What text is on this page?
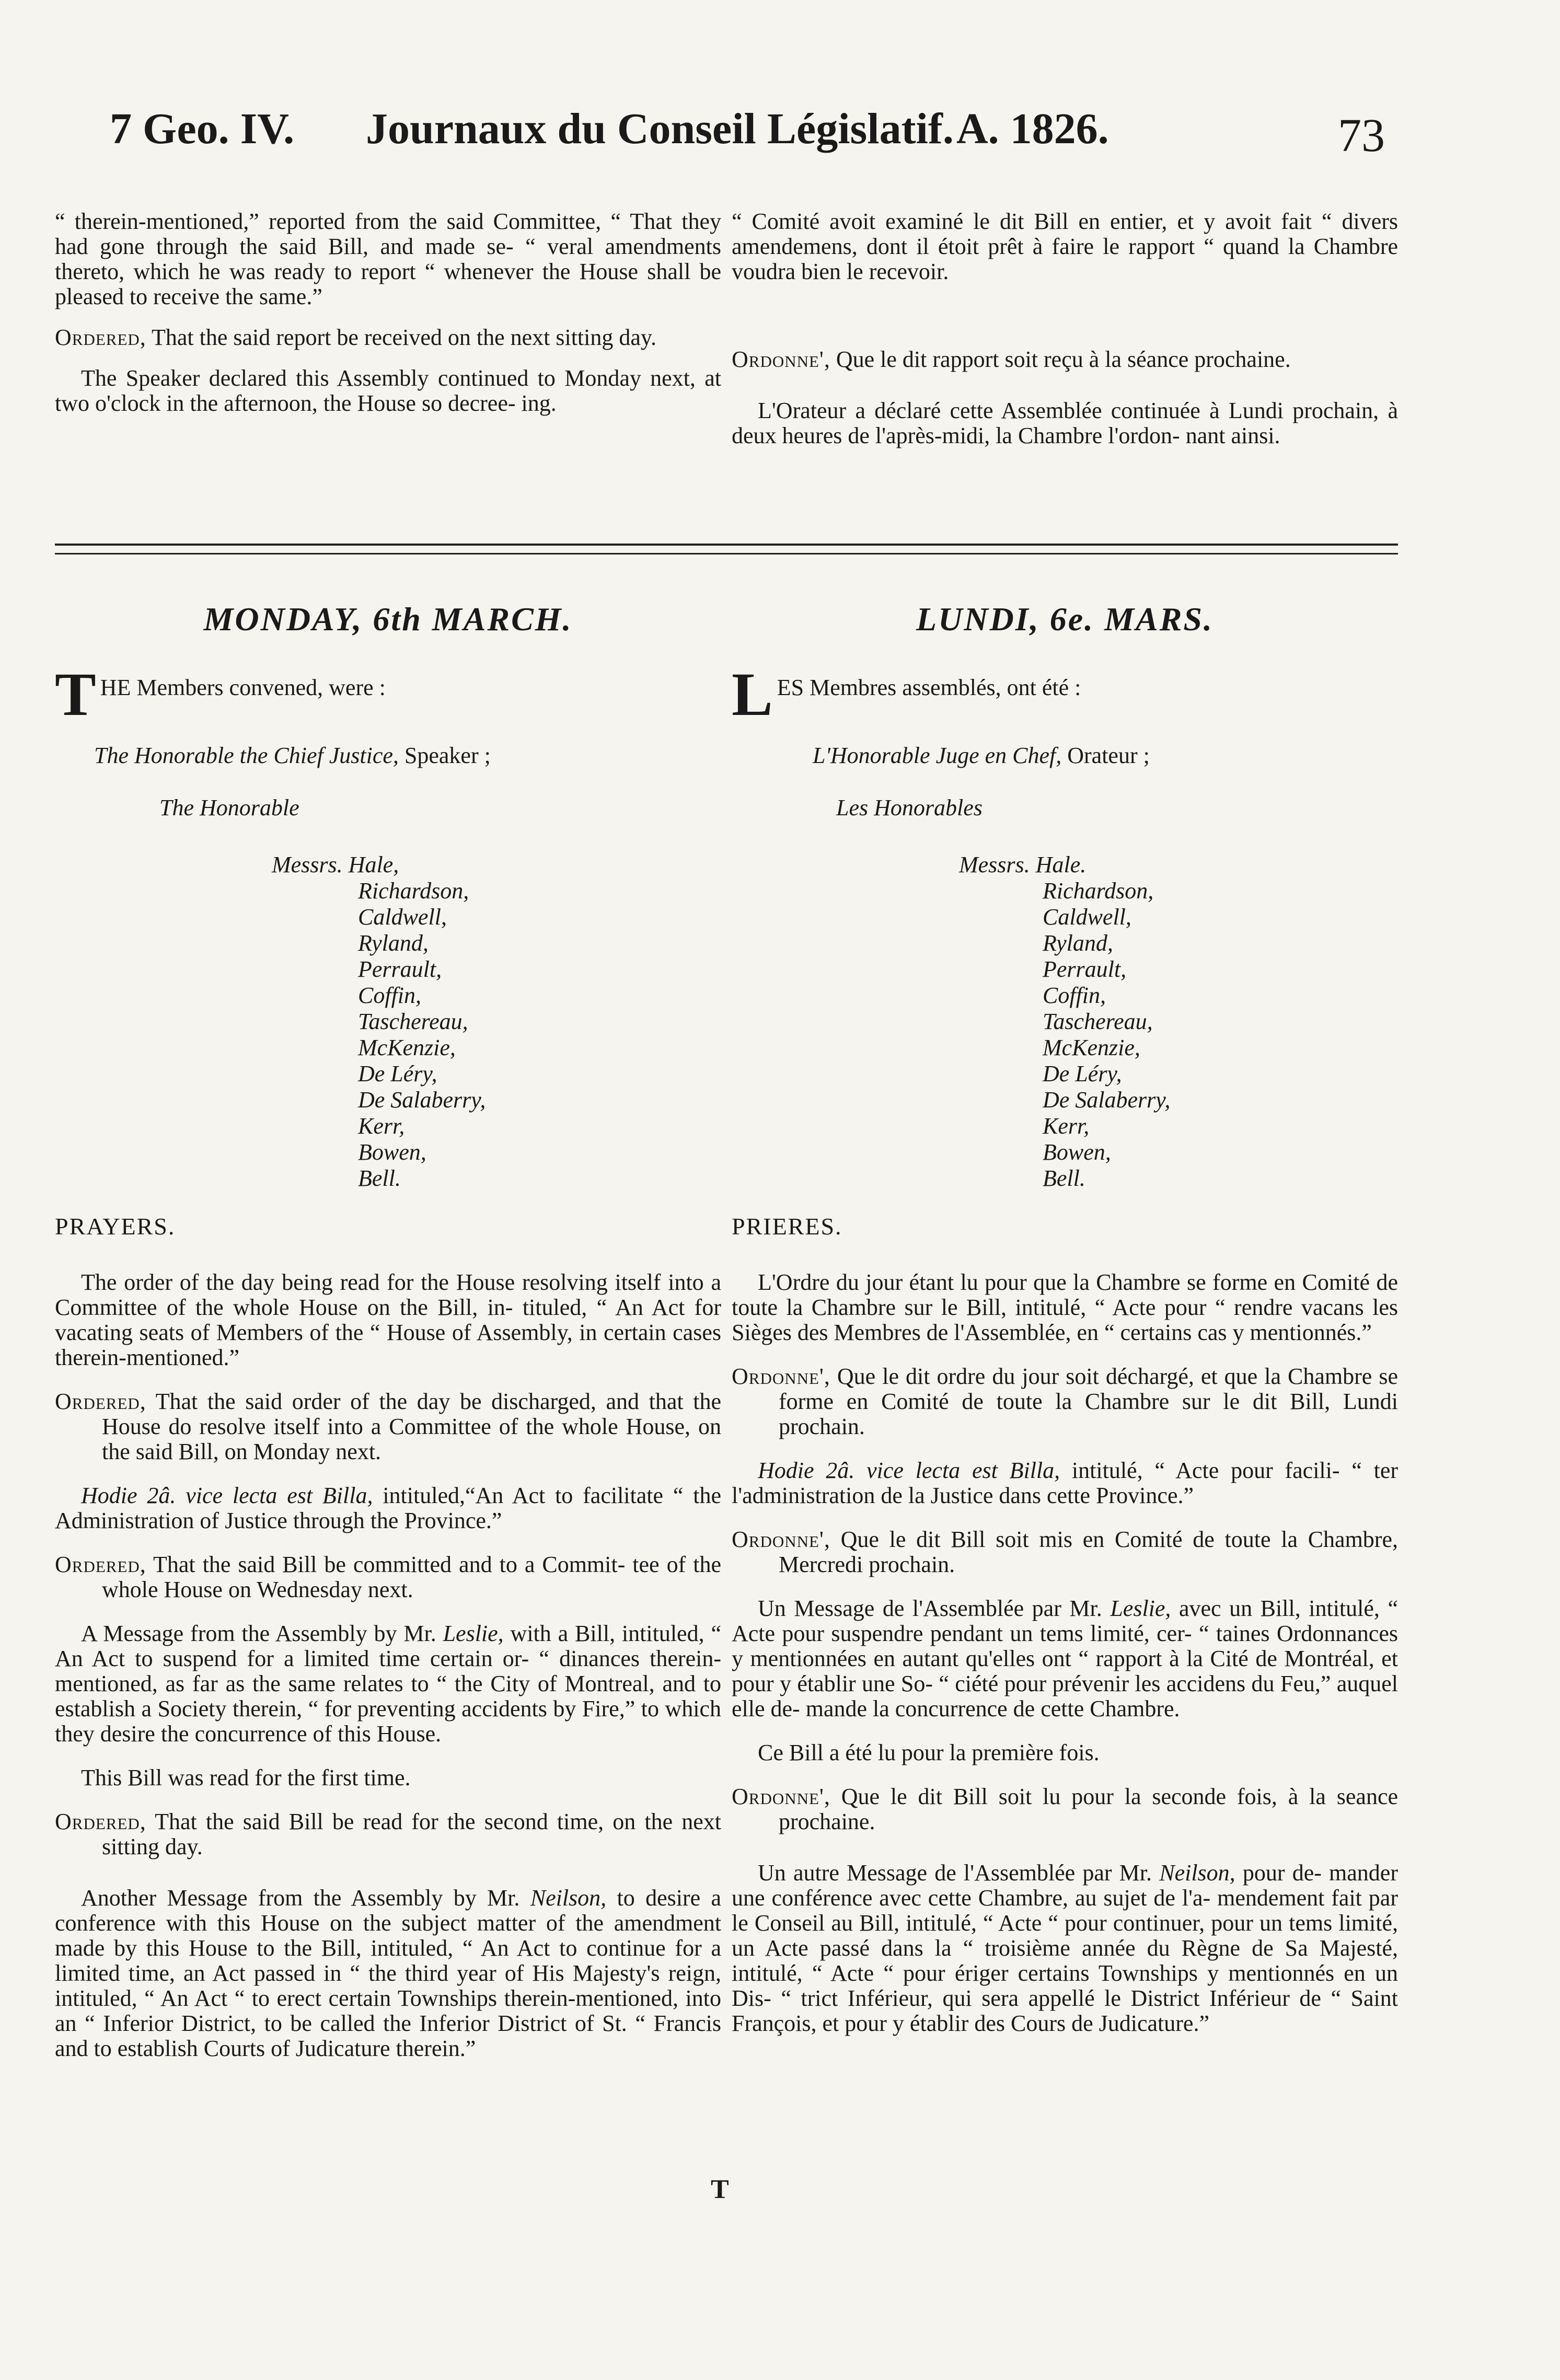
7 Geo. IV. Journaux du Conseil Législatif. A. 1826.	73

“ therein-mentioned,” reported from the said Committee, “ That they had gone through the said Bill, and made se- “ veral amendments thereto, which he was ready to report “ whenever the House shall be pleased to receive the same.”

Ordered, That the said report be received on the next sitting day.

The Speaker declared this Assembly continued to Monday next, at two o'clock in the afternoon, the House so decree- ing.

“ Comité avoit examiné le dit Bill en entier, et y avoit fait “ divers amendemens, dont il étoit prêt à faire le rapport “ quand la Chambre voudra bien le recevoir.

Ordonne', Que le dit rapport soit reçu à la séance prochaine.

L'Orateur a déclaré cette Assemblée continuée à Lundi prochain, à deux heures de l'après-midi, la Chambre l'ordon- nant ainsi.

MONDAY, 6th MARCH.	LUNDI, 6e. MARS.
T HE Members convened, were :	L ES Membres assemblés, ont été :
The Honorable the Chief Justice, Speaker ;	L'Honorable Juge en Chef, Orateur ;
The Honorable	Les Honorables
Messrs. Hale,
Richardson,
Caldwell,
Ryland,
Perrault,
Coffin,
Taschereau,
McKenzie,
De Léry,
De Salaberry,
Kerr,
Bowen,
Bell.
Messrs. Hale.
Richardson,
Caldwell,
Ryland,
Perrault,
Coffin,
Taschereau,
McKenzie,
De Léry,
De Salaberry,
Kerr,
Bowen,
Bell.
PRAYERS.	PRIERES.

The order of the day being read for the House resolving itself into a Committee of the whole House on the Bill, in- tituled, “ An Act for vacating seats of Members of the “ House of Assembly, in certain cases therein-mentioned.”

Ordered, That the said order of the day be discharged, and that the House do resolve itself into a Committee of the whole House, on the said Bill, on Monday next.

Hodie 2â. vice lecta est Billa, intituled,“An Act to facilitate “ the Administration of Justice through the Province.”

Ordered, That the said Bill be committed and to a Commit- tee of the whole House on Wednesday next.

A Message from the Assembly by Mr. Leslie, with a Bill, intituled, “ An Act to suspend for a limited time certain or- “ dinances therein-mentioned, as far as the same relates to “ the City of Montreal, and to establish a Society therein, “ for preventing accidents by Fire,” to which they desire the concurrence of this House.

This Bill was read for the first time.

Ordered, That the said Bill be read for the second time, on the next sitting day.

Another Message from the Assembly by Mr. Neilson, to desire a conference with this House on the subject matter of the amendment made by this House to the Bill, intituled, “ An Act to continue for a limited time, an Act passed in “ the third year of His Majesty's reign, intituled, “ An Act “ to erect certain Townships therein-mentioned, into an “ Inferior District, to be called the Inferior District of St. “ Francis and to establish Courts of Judicature therein.”

L'Ordre du jour étant lu pour que la Chambre se forme en Comité de toute la Chambre sur le Bill, intitulé, “ Acte pour “ rendre vacans les Sièges des Membres de l'Assemblée, en “ certains cas y mentionnés.”

Ordonne', Que le dit ordre du jour soit déchargé, et que la Chambre se forme en Comité de toute la Chambre sur le dit Bill, Lundi prochain.

Hodie 2â. vice lecta est Billa, intitulé, “ Acte pour facili- “ ter l'administration de la Justice dans cette Province.”

Ordonne', Que le dit Bill soit mis en Comité de toute la Chambre, Mercredi prochain.

Un Message de l'Assemblée par Mr. Leslie, avec un Bill, intitulé, “ Acte pour suspendre pendant un tems limité, cer- “ taines Ordonnances y mentionnées en autant qu'elles ont “ rapport à la Cité de Montréal, et pour y établir une So- “ ciété pour prévenir les accidens du Feu,” auquel elle de- mande la concurrence de cette Chambre.

Ce Bill a été lu pour la première fois.

Ordonne', Que le dit Bill soit lu pour la seconde fois, à la seance prochaine.

Un autre Message de l'Assemblée par Mr. Neilson, pour de- mander une conférence avec cette Chambre, au sujet de l'a- mendement fait par le Conseil au Bill, intitulé, “ Acte “ pour continuer, pour un tems limité, un Acte passé dans la “ troisième année du Règne de Sa Majesté, intitulé, “ Acte “ pour ériger certains Townships y mentionnés en un Dis- “ trict Inférieur, qui sera appellé le District Inférieur de “ Saint François, et pour y établir des Cours de Judicature.”

T
